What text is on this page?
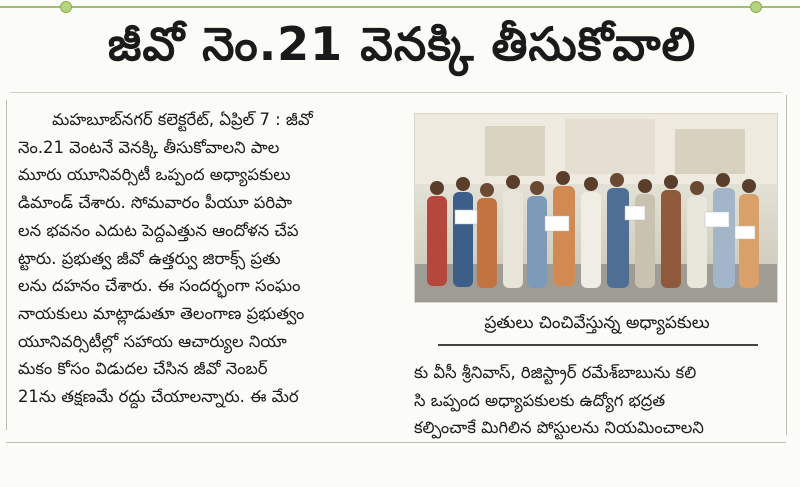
జీవో నెం.21 వెనక్కి తీసుకోవాలి
మహబూబ్‌నగర్ కలెక్టరేట్, ఏప్రిల్ 7 : జీవో
నెం.21 వెంటనే వెనక్కి తీసుకోవాలని పాల
మూరు యూనివర్సిటీ ఒప్పంద అధ్యాపకులు
డిమాండ్ చేశారు. సోమవారం పీయూ పరిపా
లన భవనం ఎదుట పెద్దఎత్తున ఆందోళన చేప
ట్టారు. ప్రభుత్వ జీవో ఉత్తర్వు జిరాక్స్ ప్రతు
లను దహనం చేశారు. ఈ సందర్భంగా సంఘం
నాయకులు మాట్లాడుతూ తెలంగాణ ప్రభుత్వం
యూనివర్సిటీల్లో సహాయ ఆచార్యుల నియా
మకం కోసం విడుదల చేసిన జీవో నెంబర్
21ను తక్షణమే రద్దు చేయాలన్నారు. ఈ మేర
ప్రతులు చించివేస్తున్న అధ్యాపకులు
కు వీసీ శ్రీనివాస్, రిజిస్ట్రార్ రమేశ్‌బాబును కలి
సి ఒప్పంద అధ్యాపకులకు ఉద్యోగ భద్రత
కల్పించాకే మిగిలిన పోస్టులను నియమించాలని
